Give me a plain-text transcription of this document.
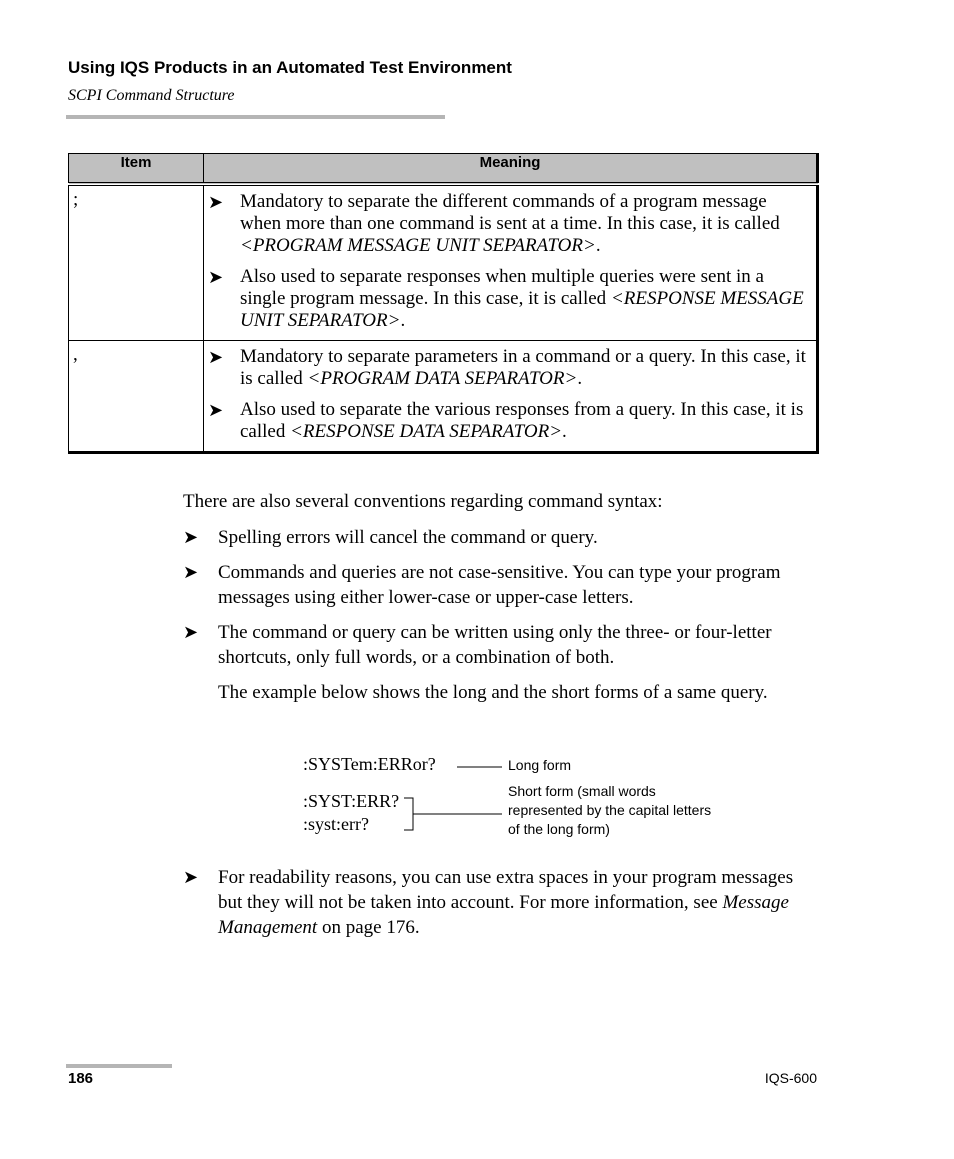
Using IQS Products in an Automated Test Environment
SCPI Command Structure
Item	Meaning
;	➤ Mandatory to separate the different commands of a program message when more than one command is sent at a time. In this case, it is called <PROGRAM MESSAGE UNIT SEPARATOR>.
➤ Also used to separate responses when multiple queries were sent in a single program message. In this case, it is called <RESPONSE MESSAGE UNIT SEPARATOR>.

,	➤ Mandatory to separate parameters in a command or a query. In this case, it is called <PROGRAM DATA SEPARATOR>.
➤ Also used to separate the various responses from a query. In this case, it is called <RESPONSE DATA SEPARATOR>.

There are also several conventions regarding command syntax:

➤	Spelling errors will cancel the command or query.
➤	Commands and queries are not case-sensitive. You can type your program messages using either lower-case or upper-case letters.
➤	The command or query can be written using only the three- or four-letter shortcuts, only full words, or a combination of both.

The example below shows the long and the short forms of a same query.

:SYSTem:ERRor?	Long form
:SYST:ERR?
:syst:err?
Short form (small words
represented by the capital letters
of the long form)
➤	For readability reasons, you can use extra spaces in your program messages but they will not be taken into account. For more information, see Message Management on page 176.
186	IQS-600
